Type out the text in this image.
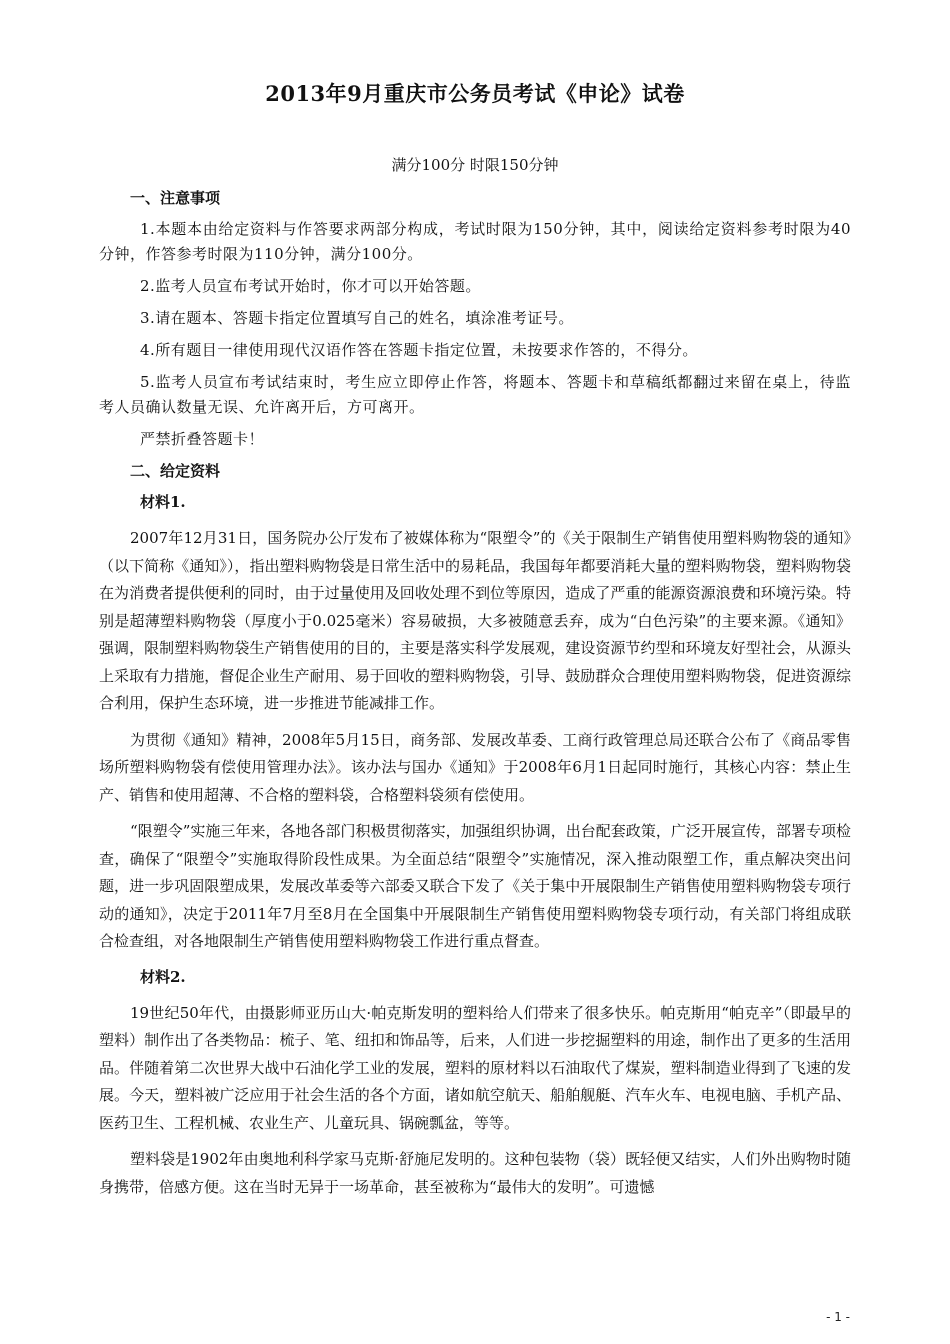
2013年9月重庆市公务员考试《申论》试卷
满分100分 时限150分钟
一、注意事项

1.本题本由给定资料与作答要求两部分构成，考试时限为150分钟，其中，阅读给定资料参考时限为40分钟，作答参考时限为110分钟，满分100分。

2.监考人员宣布考试开始时，你才可以开始答题。

3.请在题本、答题卡指定位置填写自己的姓名，填涂准考证号。

4.所有题目一律使用现代汉语作答在答题卡指定位置，未按要求作答的，不得分。

5.监考人员宣布考试结束时，考生应立即停止作答，将题本、答题卡和草稿纸都翻过来留在桌上，待监考人员确认数量无误、允许离开后，方可离开。

严禁折叠答题卡！

二、给定资料
材料1.

2007年12月31日，国务院办公厅发布了被媒体称为“限塑令”的《关于限制生产销售使用塑料购物袋的通知》（以下简称《通知》），指出塑料购物袋是日常生活中的易耗品，我国每年都要消耗大量的塑料购物袋，塑料购物袋在为消费者提供便利的同时，由于过量使用及回收处理不到位等原因，造成了严重的能源资源浪费和环境污染。特别是超薄塑料购物袋（厚度小于0.025毫米）容易破损，大多被随意丢弃，成为“白色污染”的主要来源。《通知》强调，限制塑料购物袋生产销售使用的目的，主要是落实科学发展观，建设资源节约型和环境友好型社会，从源头上采取有力措施，督促企业生产耐用、易于回收的塑料购物袋，引导、鼓励群众合理使用塑料购物袋，促进资源综合利用，保护生态环境，进一步推进节能减排工作。

为贯彻《通知》精神，2008年5月15日，商务部、发展改革委、工商行政管理总局还联合公布了《商品零售场所塑料购物袋有偿使用管理办法》。该办法与国办《通知》于2008年6月1日起同时施行，其核心内容：禁止生产、销售和使用超薄、不合格的塑料袋，合格塑料袋须有偿使用。

“限塑令”实施三年来，各地各部门积极贯彻落实，加强组织协调，出台配套政策，广泛开展宣传，部署专项检查，确保了“限塑令”实施取得阶段性成果。为全面总结“限塑令”实施情况，深入推动限塑工作，重点解决突出问题，进一步巩固限塑成果，发展改革委等六部委又联合下发了《关于集中开展限制生产销售使用塑料购物袋专项行动的通知》，决定于2011年7月至8月在全国集中开展限制生产销售使用塑料购物袋专项行动，有关部门将组成联合检查组，对各地限制生产销售使用塑料购物袋工作进行重点督查。

材料2.

19世纪50年代，由摄影师亚历山大·帕克斯发明的塑料给人们带来了很多快乐。帕克斯用“帕克辛”（即最早的塑料）制作出了各类物品：梳子、笔、纽扣和饰品等，后来，人们进一步挖掘塑料的用途，制作出了更多的生活用品。伴随着第二次世界大战中石油化学工业的发展，塑料的原材料以石油取代了煤炭，塑料制造业得到了飞速的发展。今天，塑料被广泛应用于社会生活的各个方面，诸如航空航天、船舶舰艇、汽车火车、电视电脑、手机产品、医药卫生、工程机械、农业生产、儿童玩具、锅碗瓢盆，等等。

塑料袋是1902年由奥地利科学家马克斯·舒施尼发明的。这种包装物（袋）既轻便又结实，人们外出购物时随身携带，倍感方便。这在当时无异于一场革命，甚至被称为“最伟大的发明”。可遗憾

- 1 -
